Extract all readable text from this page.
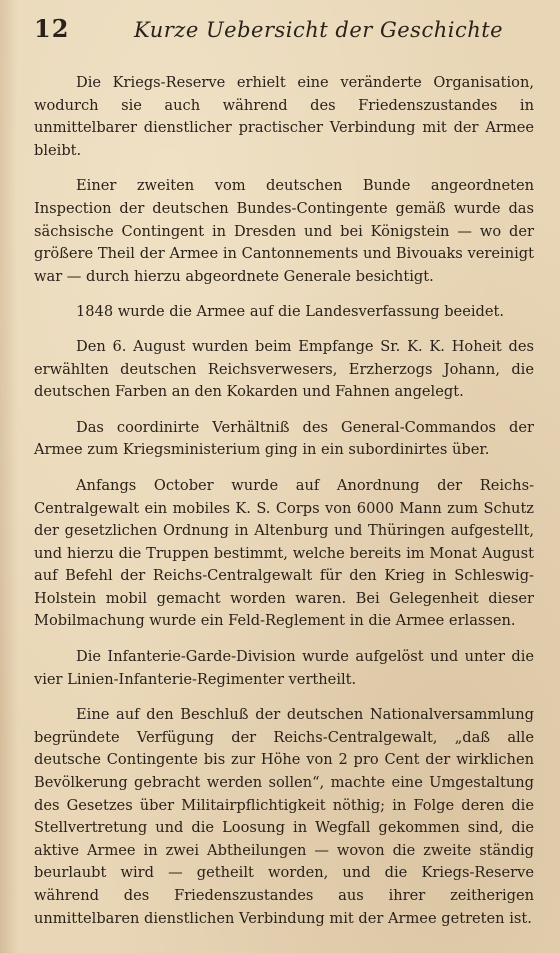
12	Kurze Uebersicht der Geschichte

Die Kriegs-Reserve erhielt eine veränderte Organisation, wodurch sie auch während des Friedenszustandes in unmittelbarer dienstlicher practischer Verbindung mit der Armee bleibt.

Einer zweiten vom deutschen Bunde angeordneten Inspection der deutschen Bundes-Contingente gemäß wurde das sächsische Contingent in Dresden und bei Königstein — wo der größere Theil der Armee in Cantonnements und Bivouaks vereinigt war — durch hierzu abgeordnete Generale besichtigt.

1848 wurde die Armee auf die Landesverfassung beeidet.

Den 6. August wurden beim Empfange Sr. K. K. Hoheit des erwählten deutschen Reichsverwesers, Erzherzogs Johann, die deutschen Farben an den Kokarden und Fahnen angelegt.

Das coordinirte Verhältniß des General-Commandos der Armee zum Kriegsministerium ging in ein subordinirtes über.

Anfangs October wurde auf Anordnung der Reichs-Centralgewalt ein mobiles K. S. Corps von 6000 Mann zum Schutz der gesetzlichen Ordnung in Altenburg und Thüringen aufgestellt, und hierzu die Truppen bestimmt, welche bereits im Monat August auf Befehl der Reichs-Centralgewalt für den Krieg in Schleswig-Holstein mobil gemacht worden waren. Bei Gelegenheit dieser Mobilmachung wurde ein Feld-Reglement in die Armee erlassen.

Die Infanterie-Garde-Division wurde aufgelöst und unter die vier Linien-Infanterie-Regimenter vertheilt.

Eine auf den Beschluß der deutschen Nationalversammlung begründete Verfügung der Reichs-Centralgewalt, „daß alle deutsche Contingente bis zur Höhe von 2 pro Cent der wirklichen Bevölkerung gebracht werden sollen“, machte eine Umgestaltung des Gesetzes über Militairpflichtigkeit nöthig; in Folge deren die Stellvertretung und die Loosung in Wegfall gekommen sind, die aktive Armee in zwei Abtheilungen — wovon die zweite ständig beurlaubt wird — getheilt worden, und die Kriegs-Reserve während des Friedenszustandes aus ihrer zeitherigen unmittelbaren dienstlichen Verbindung mit der Armee getreten ist.
